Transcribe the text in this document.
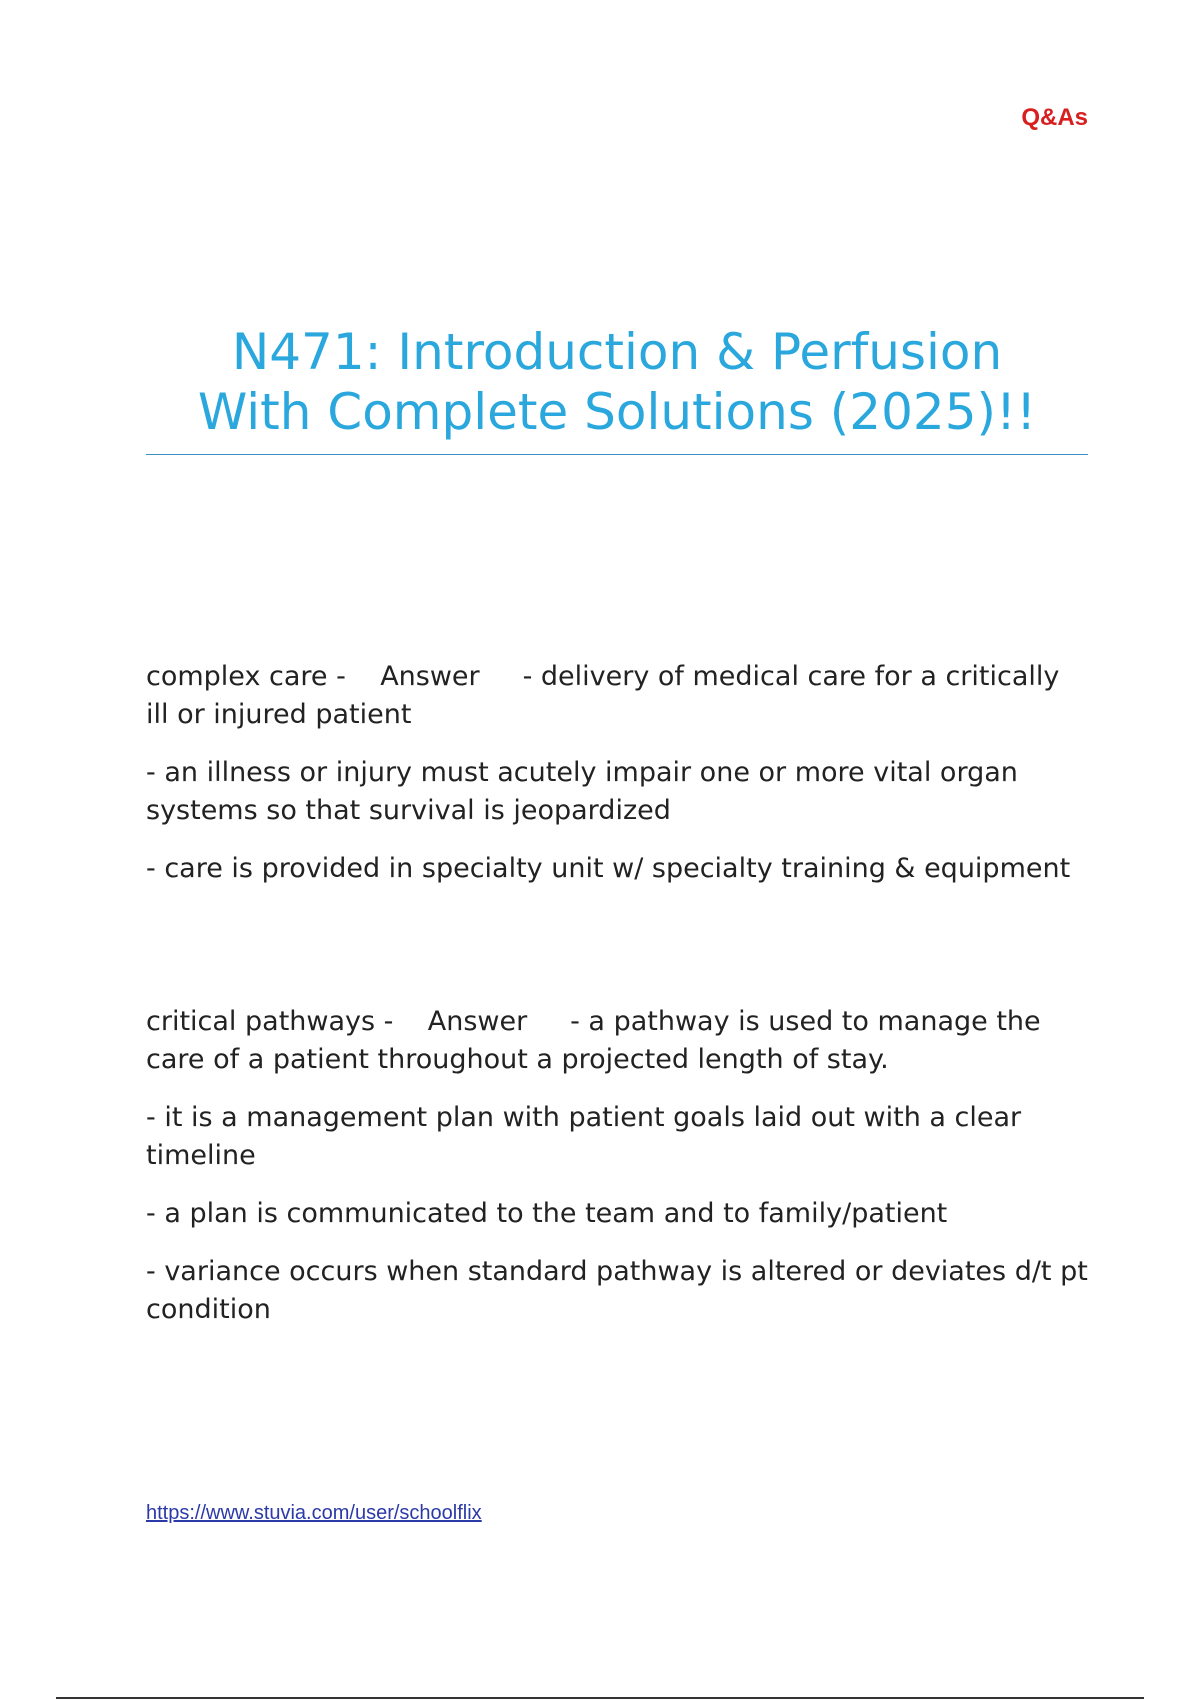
Q&As
N471: Introduction & Perfusion
With Complete Solutions (2025)!!

complex care - Answer - delivery of medical care for a critically ill or injured patient

- an illness or injury must acutely impair one or more vital organ systems so that survival is jeopardized

- care is provided in specialty unit w/ specialty training & equipment

critical pathways - Answer - a pathway is used to manage the care of a patient throughout a projected length of stay.

- it is a management plan with patient goals laid out with a clear timeline

- a plan is communicated to the team and to family/patient

- variance occurs when standard pathway is altered or deviates d/t pt condition

https://www.stuvia.com/user/schoolflix
